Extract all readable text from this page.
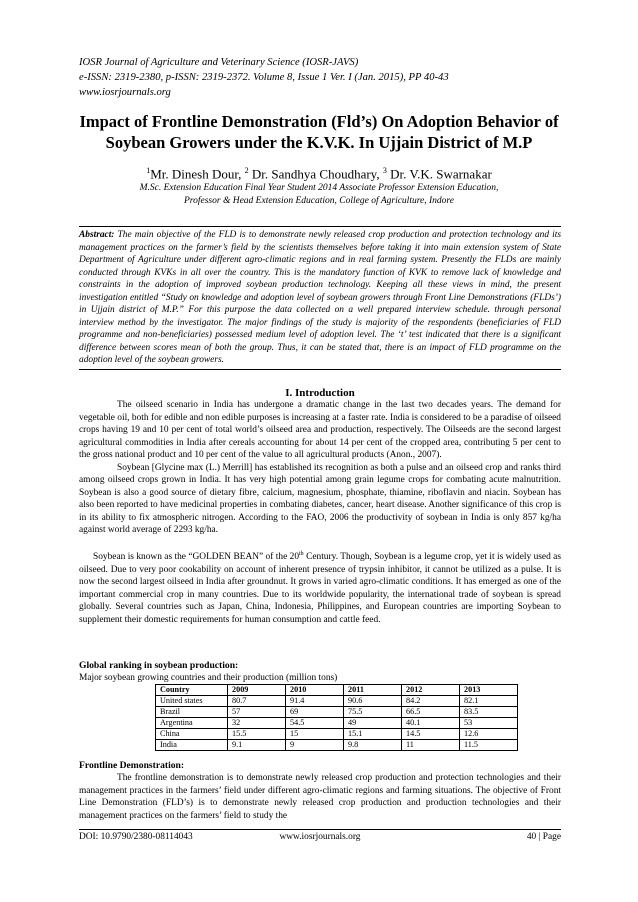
IOSR Journal of Agriculture and Veterinary Science (IOSR-JAVS)
e-ISSN: 2319-2380, p-ISSN: 2319-2372. Volume 8, Issue 1 Ver. I (Jan. 2015), PP 40-43
www.iosrjournals.org
Impact of Frontline Demonstration (Fld’s) On Adoption Behavior of Soybean Growers under the K.V.K. In Ujjain District of M.P
$^1$Mr. Dinesh Dour, $^2$ Dr. Sandhya Choudhary, $^3$ Dr. V.K. Swarnakar
M.Sc. Extension Education Final Year Student 2014 Associate Professor Extension Education,
Professor & Head Extension Education, College of Agriculture, Indore
Abstract: The main objective of the FLD is to demonstrate newly released crop production and protection technology and its management practices on the farmer’s field by the scientists themselves before taking it into main extension system of State Department of Agriculture under different agro-climatic regions and in real farming system. Presently the FLDs are mainly conducted through KVKs in all over the country. This is the mandatory function of KVK to remove lack of knowledge and constraints in the adoption of improved soybean production technology. Keeping all these views in mind, the present investigation entitled “Study on knowledge and adoption level of soybean growers through Front Line Demonstrations (FLDs’) in Ujjain district of M.P.” For this purpose the data collected on a well prepared interview schedule. through personal interview method by the investigator. The major findings of the study is majority of the respondents (beneficiaries of FLD programme and non-beneficiaries) possessed medium level of adoption level. The ‘t’ test indicated that there is a significant difference between scores mean of both the group. Thus, it can be stated that, there is an impact of FLD programme on the adoption level of the soybean growers.
I. Introduction

The oilseed scenario in India has undergone a dramatic change in the last two decades years. The demand for vegetable oil, both for edible and non edible purposes is increasing at a faster rate. India is considered to be a paradise of oilseed crops having 19 and 10 per cent of total world’s oilseed area and production, respectively. The Oilseeds are the second largest agricultural commodities in India after cereals accounting for about 14 per cent of the cropped area, contributing 5 per cent to the gross national product and 10 per cent of the value to all agricultural products (Anon., 2007).

Soybean [Glycine max (L.) Merrill] has established its recognition as both a pulse and an oilseed crop and ranks third among oilseed crops grown in India. It has very high potential among grain legume crops for combating acute malnutrition. Soybean is also a good source of dietary fibre, calcium, magnesium, phosphate, thiamine, riboflavin and niacin. Soybean has also been reported to have medicinal properties in combating diabetes, cancer, heart disease. Another significance of this crop is in its ability to fix atmospheric nitrogen. According to the FAO, 2006 the productivity of soybean in India is only 857 kg/ha against world average of 2293 kg/ha.

Soybean is known as the “GOLDEN BEAN” of the 20th Century. Though, Soybean is a legume crop, yet it is widely used as oilseed. Due to very poor cookability on account of inherent presence of trypsin inhibitor, it cannot be utilized as a pulse. It is now the second largest oilseed in India after groundnut. It grows in varied agro-climatic conditions. It has emerged as one of the important commercial crop in many countries. Due to its worldwide popularity, the international trade of soybean is spread globally. Several countries such as Japan, China, Indonesia, Philippines, and European countries are importing Soybean to supplement their domestic requirements for human consumption and cattle feed.

Global ranking in soybean production:
Major soybean growing countries and their production (million tons)
Country	2009	2010	2011	2012	2013
United states	80.7	91.4	90.6	84.2	82.1
Brazil	57	69	75.5	66.5	83.5
Argentina	32	54.5	49	40.1	53
China	15.5	15	15.1	14.5	12.6
India	9.1	9	9.8	11	11.5
Frontline Demonstration:

The frontline demonstration is to demonstrate newly released crop production and protection technologies and their management practices in the farmers’ field under different agro-climatic regions and farming situations. The objective of Front Line Demonstration (FLD’s) is to demonstrate newly released crop production and production technologies and their management practices on the farmers’ field to study the

DOI: 10.9790/2380-08114043	www.iosrjournals.org	40 | Page
